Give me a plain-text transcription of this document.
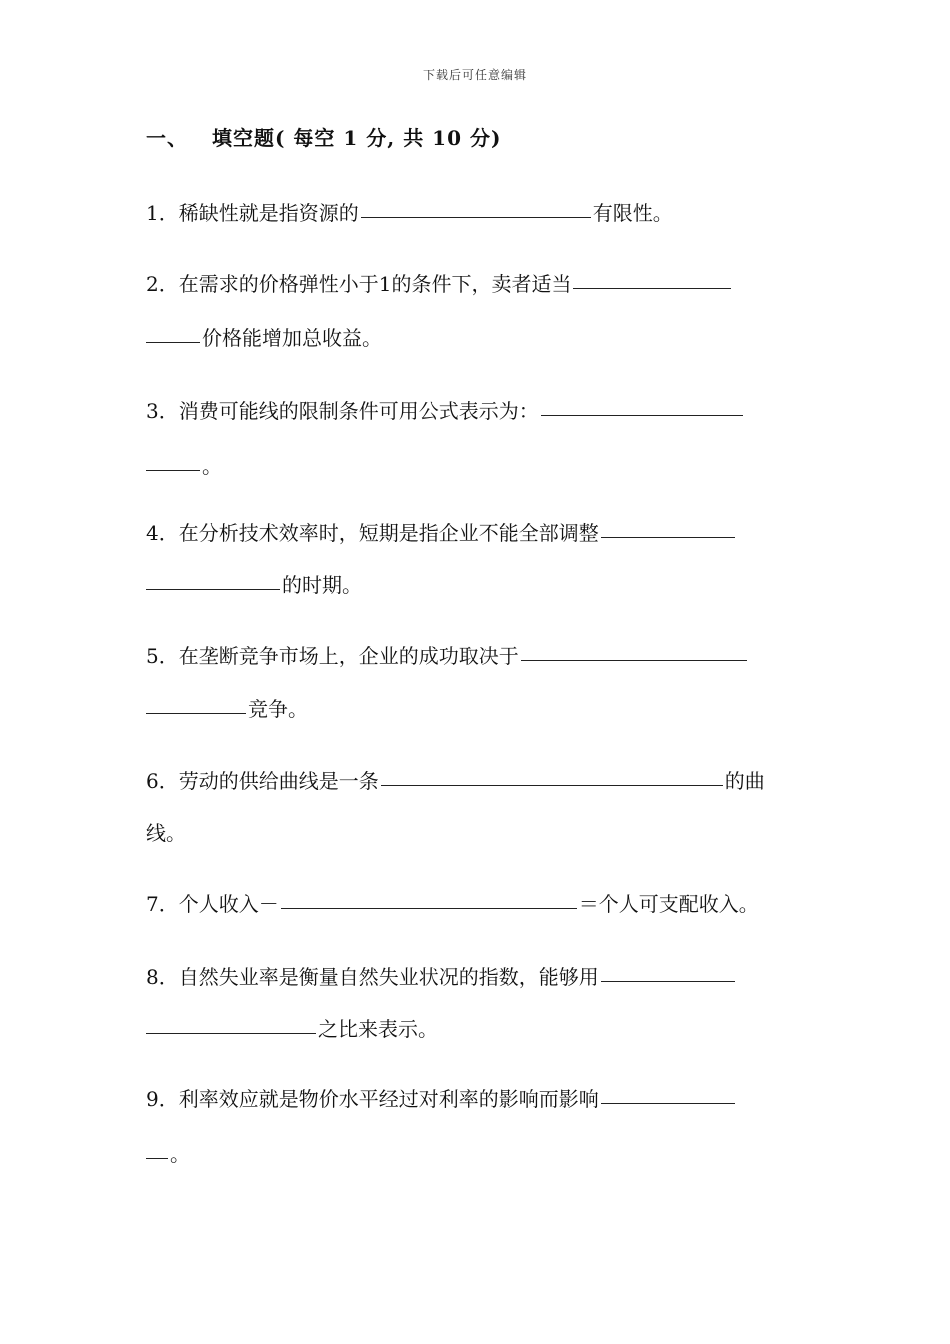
下载后可任意编辑
一、 填空题( 每空 1 分, 共 10 分)
1．稀缺性就是指资源的	有限性。
2．在需求的价格弹性小于1的条件下，卖者适当
价格能增加总收益。
3．消费可能线的限制条件可用公式表示为：
。
4．在分析技术效率时，短期是指企业不能全部调整
的时期。
5．在垄断竞争市场上，企业的成功取决于
竞争。
6．劳动的供给曲线是一条	的曲
线。
7．个人收入－	＝个人可支配收入。
8．自然失业率是衡量自然失业状况的指数，能够用
之比来表示。
9．利率效应就是物价水平经过对利率的影响而影响
。
